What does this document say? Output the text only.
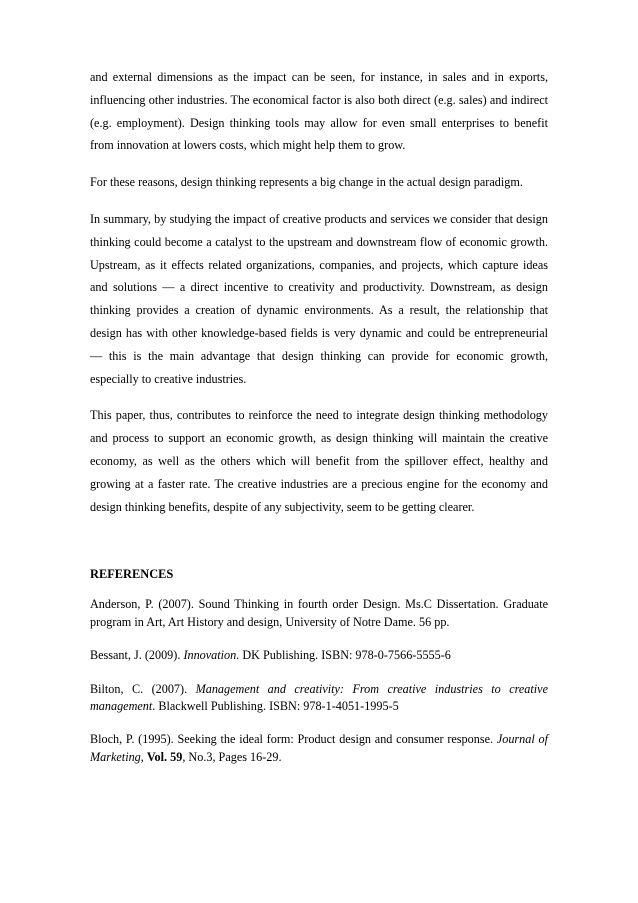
and external dimensions as the impact can be seen, for instance, in sales and in exports, influencing other industries. The economical factor is also both direct (e.g. sales) and indirect (e.g. employment). Design thinking tools may allow for even small enterprises to benefit from innovation at lowers costs, which might help them to grow.

For these reasons, design thinking represents a big change in the actual design paradigm.

In summary, by studying the impact of creative products and services we consider that design thinking could become a catalyst to the upstream and downstream flow of economic growth. Upstream, as it effects related organizations, companies, and projects, which capture ideas and solutions — a direct incentive to creativity and productivity. Downstream, as design thinking provides a creation of dynamic environments. As a result, the relationship that design has with other knowledge-based fields is very dynamic and could be entrepreneurial — this is the main advantage that design thinking can provide for economic growth, especially to creative industries.

This paper, thus, contributes to reinforce the need to integrate design thinking methodology and process to support an economic growth, as design thinking will maintain the creative economy, as well as the others which will benefit from the spillover effect, healthy and growing at a faster rate. The creative industries are a precious engine for the economy and design thinking benefits, despite of any subjectivity, seem to be getting clearer.

REFERENCES

Anderson, P. (2007). Sound Thinking in fourth order Design. Ms.C Dissertation. Graduate program in Art, Art History and design, University of Notre Dame. 56 pp.

Bessant, J. (2009). Innovation. DK Publishing. ISBN: 978-0-7566-5555-6

Bilton, C. (2007). Management and creativity: From creative industries to creative management. Blackwell Publishing. ISBN: 978-1-4051-1995-5

Bloch, P. (1995). Seeking the ideal form: Product design and consumer response. Journal of Marketing, Vol. 59, No.3, Pages 16-29.
